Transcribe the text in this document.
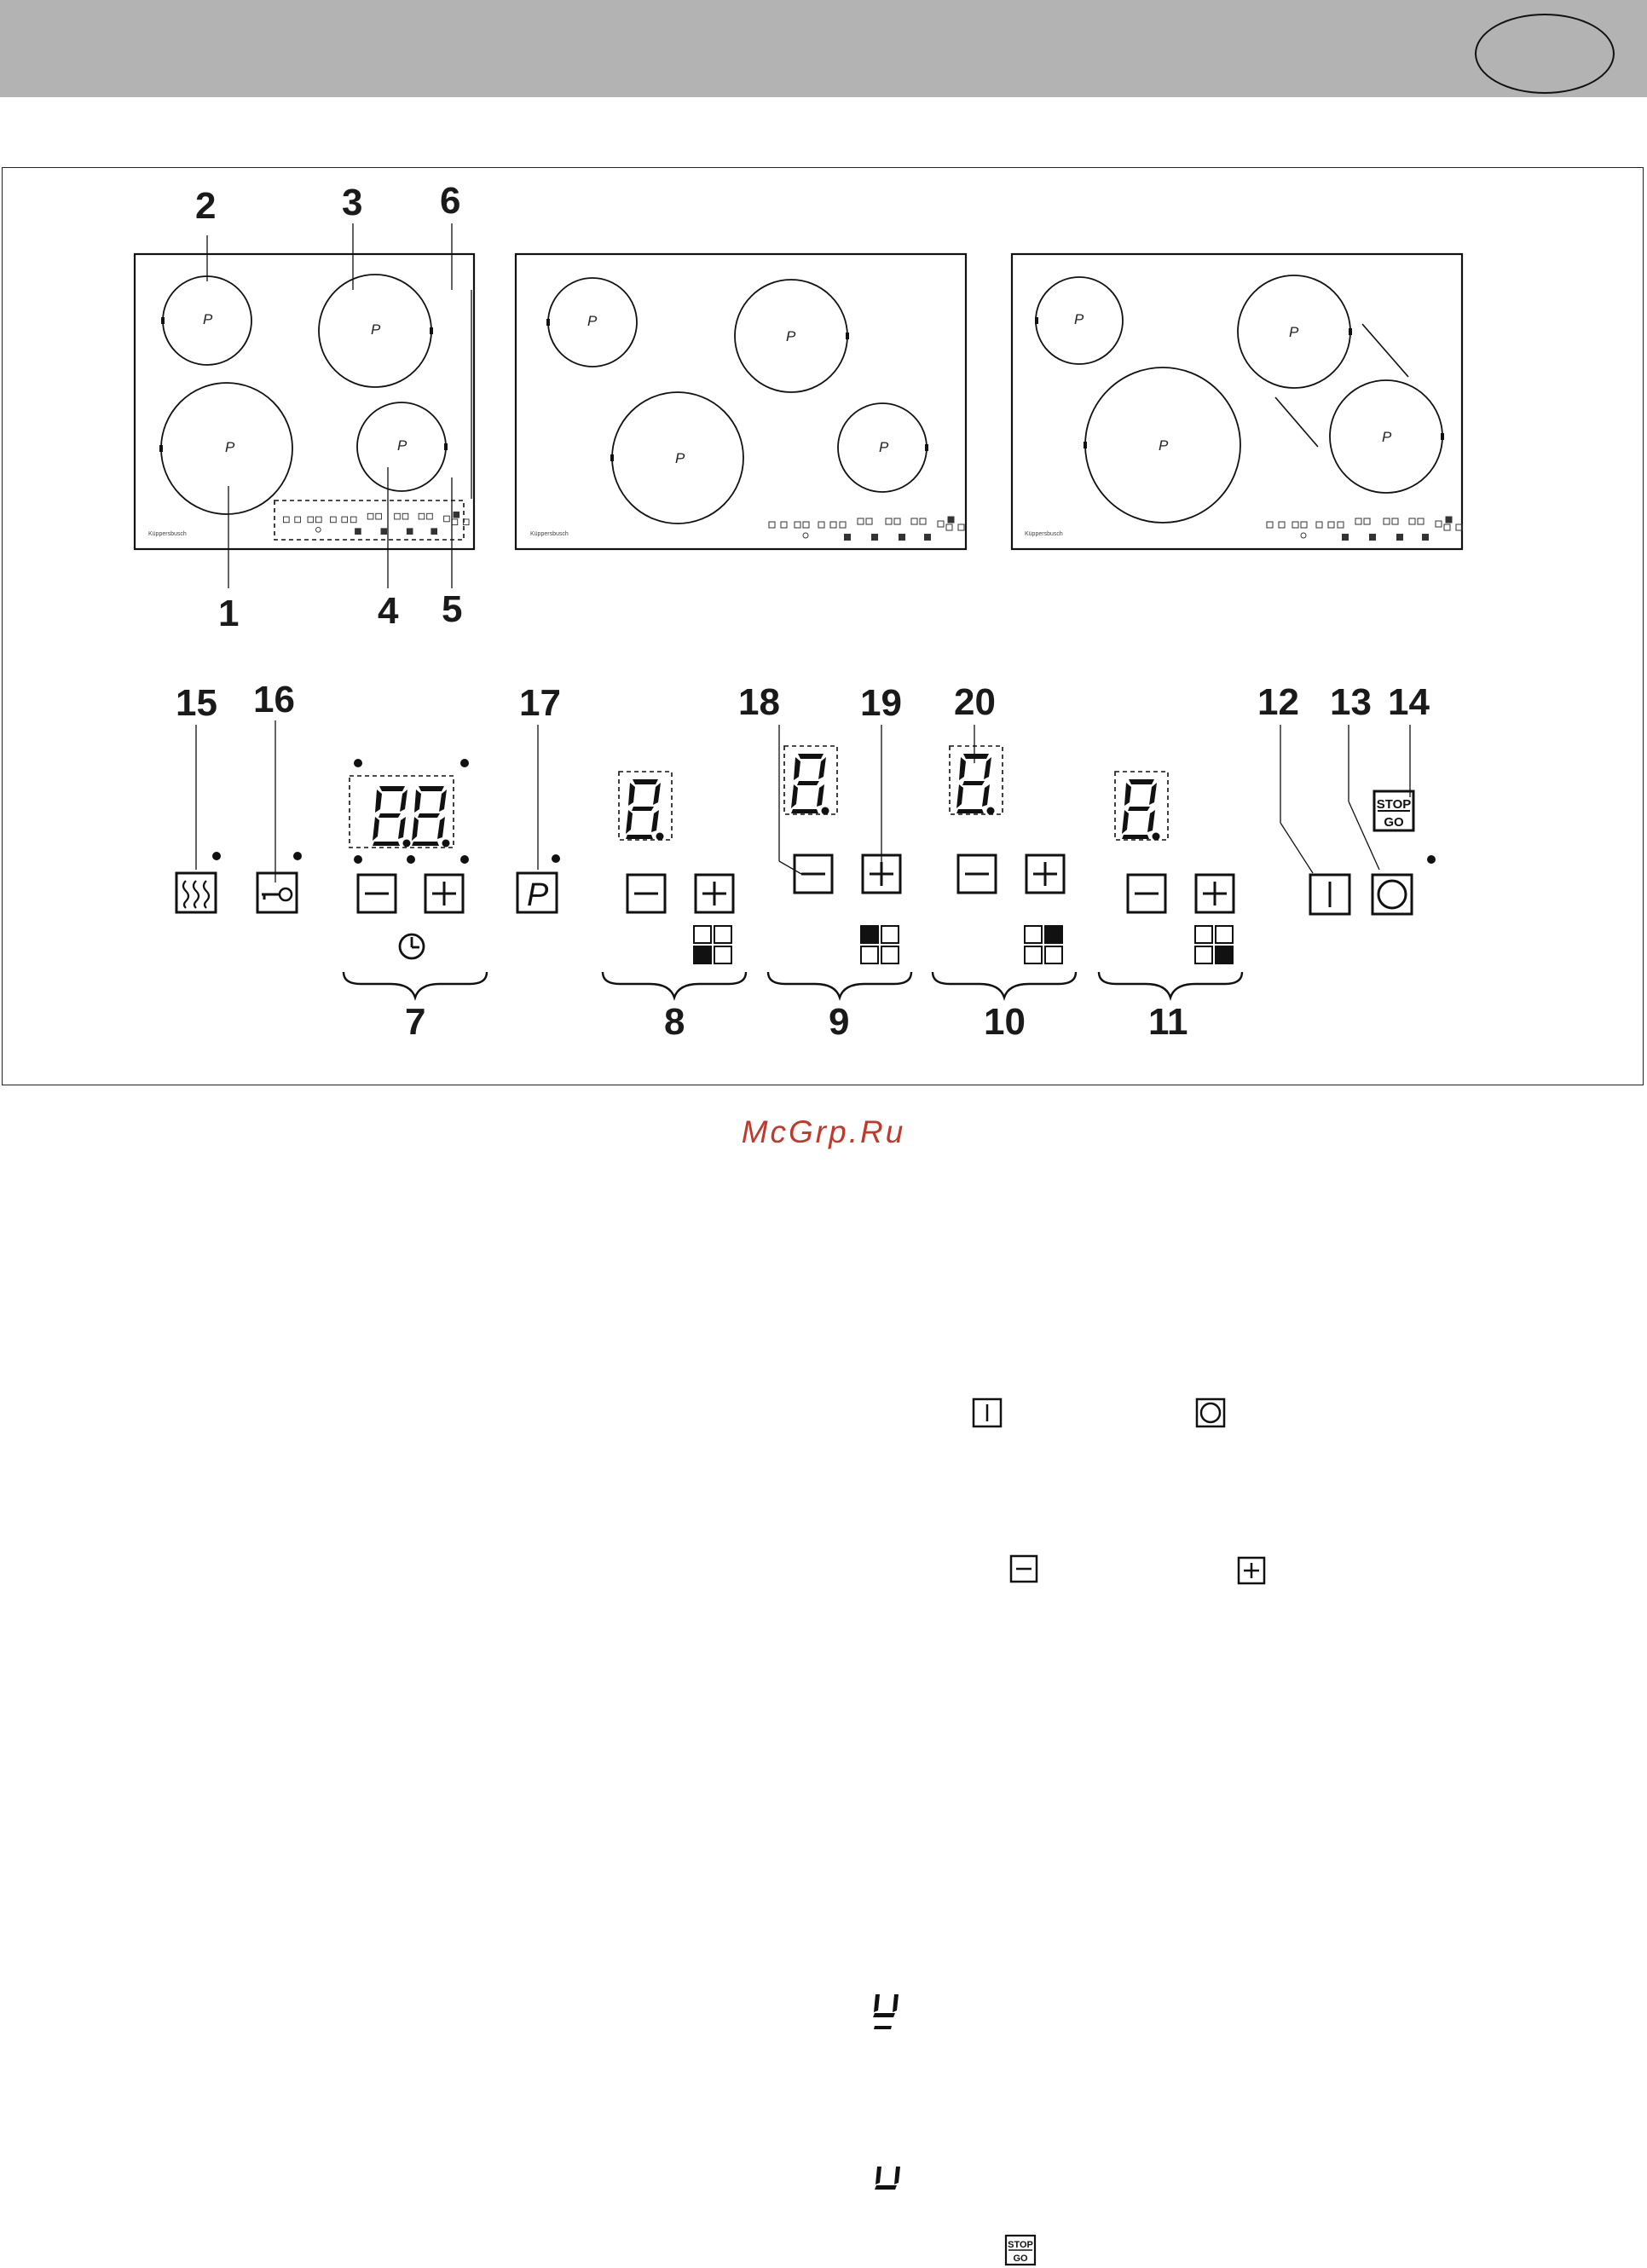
P
P
P	P
Küppersbusch
P
P
P
P
Küppersbusch
P
P
P
P
Küppersbusch
2	3 6
1	4 5
15 16	17	18 19 20	12 13 14
7	8	9	10	11
P
STOP
GO
McGrp.Ru
STOP
GO
